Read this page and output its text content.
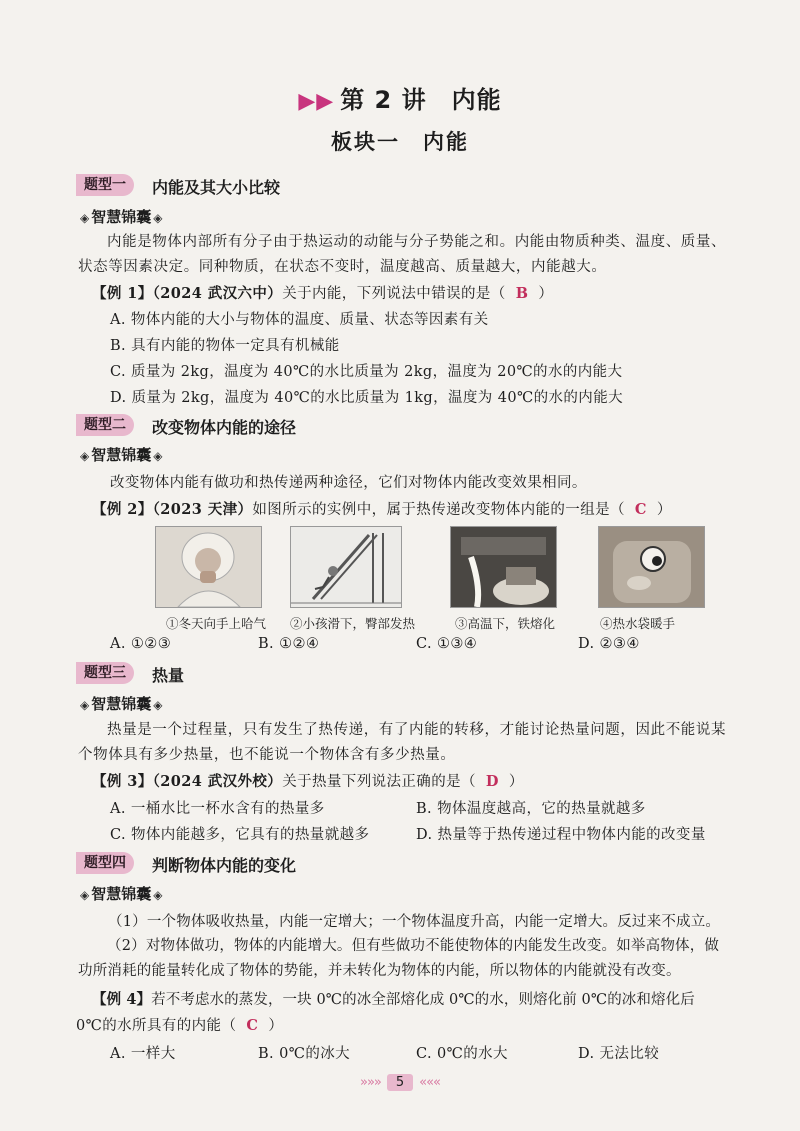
▶▶ 第 2 讲　内能
板块一　内能
题型一	内能及其大小比较
◈ 智慧锦囊 ◈
内能是物体内部所有分子由于热运动的动能与分子势能之和。内能由物质种类、温度、质量、状态等因素决定。同种物质，在状态不变时，温度越高、质量越大，内能越大。
【例 1】（2024 武汉六中）关于内能，下列说法中错误的是（ B ）
A. 物体内能的大小与物体的温度、质量、状态等因素有关
B. 具有内能的物体一定具有机械能
C. 质量为 2kg，温度为 40℃的水比质量为 2kg，温度为 20℃的水的内能大
D. 质量为 2kg，温度为 40℃的水比质量为 1kg，温度为 40℃的水的内能大
题型二	改变物体内能的途径
◈ 智慧锦囊 ◈
改变物体内能有做功和热传递两种途径，它们对物体内能改变效果相同。
【例 2】（2023 天津）如图所示的实例中，属于热传递改变物体内能的一组是（ C ）
①冬天向手上哈气 ②小孩滑下，臀部发热	③高温下，铁熔化	④热水袋暖手
A. ①②③	B. ①②④	C. ①③④	D. ②③④
题型三	热量
◈ 智慧锦囊 ◈
热量是一个过程量，只有发生了热传递，有了内能的转移，才能讨论热量问题，因此不能说某个物体具有多少热量，也不能说一个物体含有多少热量。
【例 3】（2024 武汉外校）关于热量下列说法正确的是（ D ）
A. 一桶水比一杯水含有的热量多	B. 物体温度越高，它的热量就越多
C. 物体内能越多，它具有的热量就越多	D. 热量等于热传递过程中物体内能的改变量
题型四	判断物体内能的变化
◈ 智慧锦囊 ◈
（1）一个物体吸收热量，内能一定增大；一个物体温度升高，内能一定增大。反过来不成立。
（2）对物体做功，物体的内能增大。但有些做功不能使物体的内能发生改变。如举高物体，做功所消耗的能量转化成了物体的势能，并未转化为物体的内能，所以物体的内能就没有改变。
【例 4】若不考虑水的蒸发，一块 0℃的冰全部熔化成 0℃的水，则熔化前 0℃的冰和熔化后
0℃的水所具有的内能（ C ）
A. 一样大	B. 0℃的冰大	C. 0℃的水大	D. 无法比较
»»» 5 «««
